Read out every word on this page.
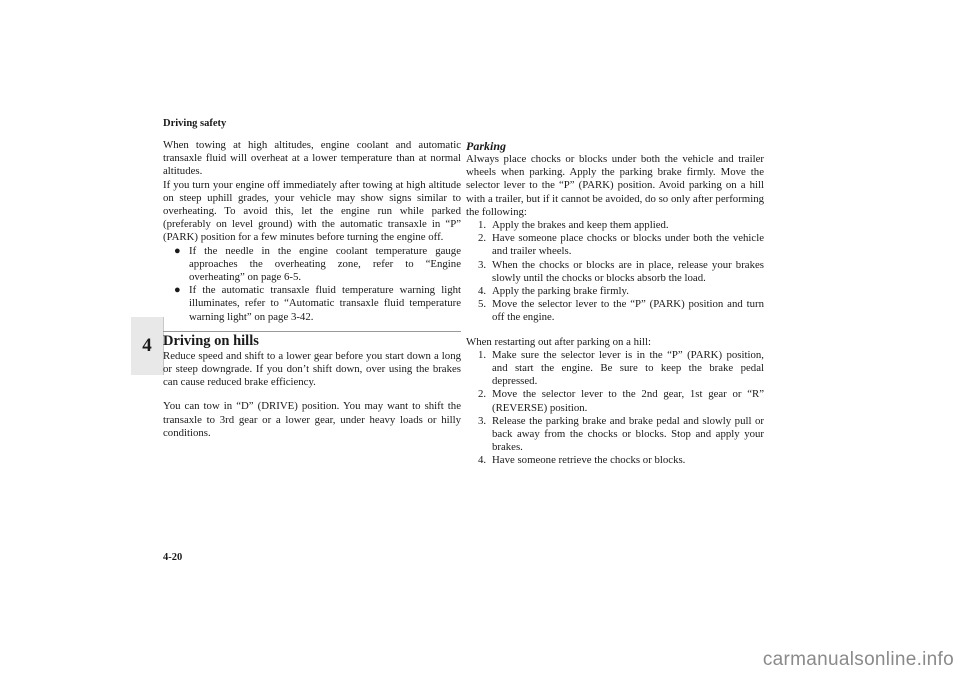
Driving safety
4

When towing at high altitudes, engine coolant and automatic transaxle fluid will overheat at a lower temperature than at normal altitudes.

If you turn your engine off immediately after towing at high altitude on steep uphill grades, your vehicle may show signs similar to overheating. To avoid this, let the engine run while parked (preferably on level ground) with the automatic transaxle in “P” (PARK) position for a few minutes before turning the engine off.

● If the needle in the engine coolant temperature gauge approaches the overheating zone, refer to “Engine overheating” on page 6-5.
● If the automatic transaxle fluid temperature warning light illuminates, refer to “Automatic transaxle fluid temperature warning light” on page 3-42.
Driving on hills

Reduce speed and shift to a lower gear before you start down a long or steep downgrade. If you don’t shift down, over using the brakes can cause reduced brake efficiency.

You can tow in “D” (DRIVE) position. You may want to shift the transaxle to 3rd gear or a lower gear, under heavy loads or hilly conditions.

Parking

Always place chocks or blocks under both the vehicle and trailer wheels when parking. Apply the parking brake firmly. Move the selector lever to the “P” (PARK) position. Avoid parking on a hill with a trailer, but if it cannot be avoided, do so only after performing the following:

1. Apply the brakes and keep them applied.
2. Have someone place chocks or blocks under both the vehicle and trailer wheels.
3. When the chocks or blocks are in place, release your brakes slowly until the chocks or blocks absorb the load.
4. Apply the parking brake firmly.
5. Move the selector lever to the “P” (PARK) position and turn off the engine.

When restarting out after parking on a hill:

1. Make sure the selector lever is in the “P” (PARK) position, and start the engine. Be sure to keep the brake pedal depressed.
2. Move the selector lever to the 2nd gear, 1st gear or “R” (REVERSE) position.
3. Release the parking brake and brake pedal and slowly pull or back away from the chocks or blocks. Stop and apply your brakes.
4. Have someone retrieve the chocks or blocks.
4-20
carmanualsonline.info
